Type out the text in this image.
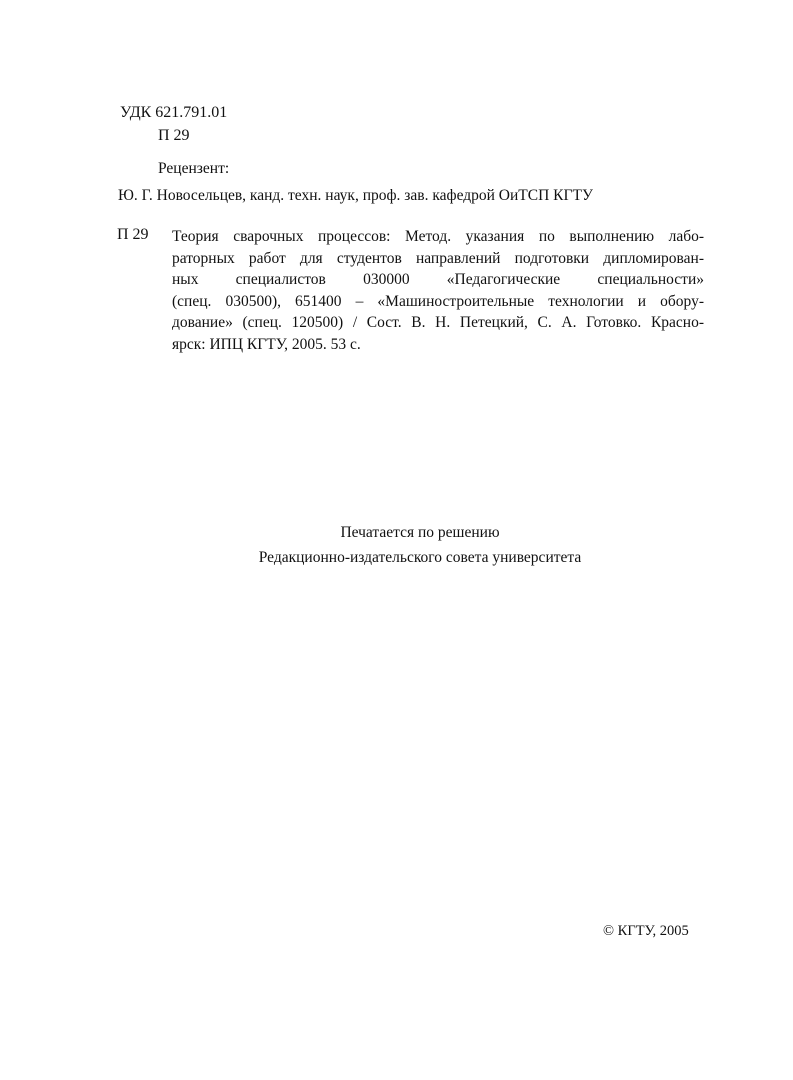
УДК 621.791.01
П 29
Рецензент:
Ю. Г. Новосельцев, канд. техн. наук, проф. зав. кафедрой ОиТСП КГТУ
П 29 Теория сварочных процессов: Метод. указания по выполнению лабо-
раторных работ для студентов направлений подготовки дипломирован-
ных специалистов 030000 «Педагогические специальности»
(спец. 030500), 651400 – «Машиностроительные технологии и обору-
дование» (спец. 120500) / Сост. В. Н. Петецкий, С. А. Готовко. Красно-
ярск: ИПЦ КГТУ, 2005. 53 с.
Печатается по решению
Редакционно-издательского совета университета
© КГТУ, 2005
